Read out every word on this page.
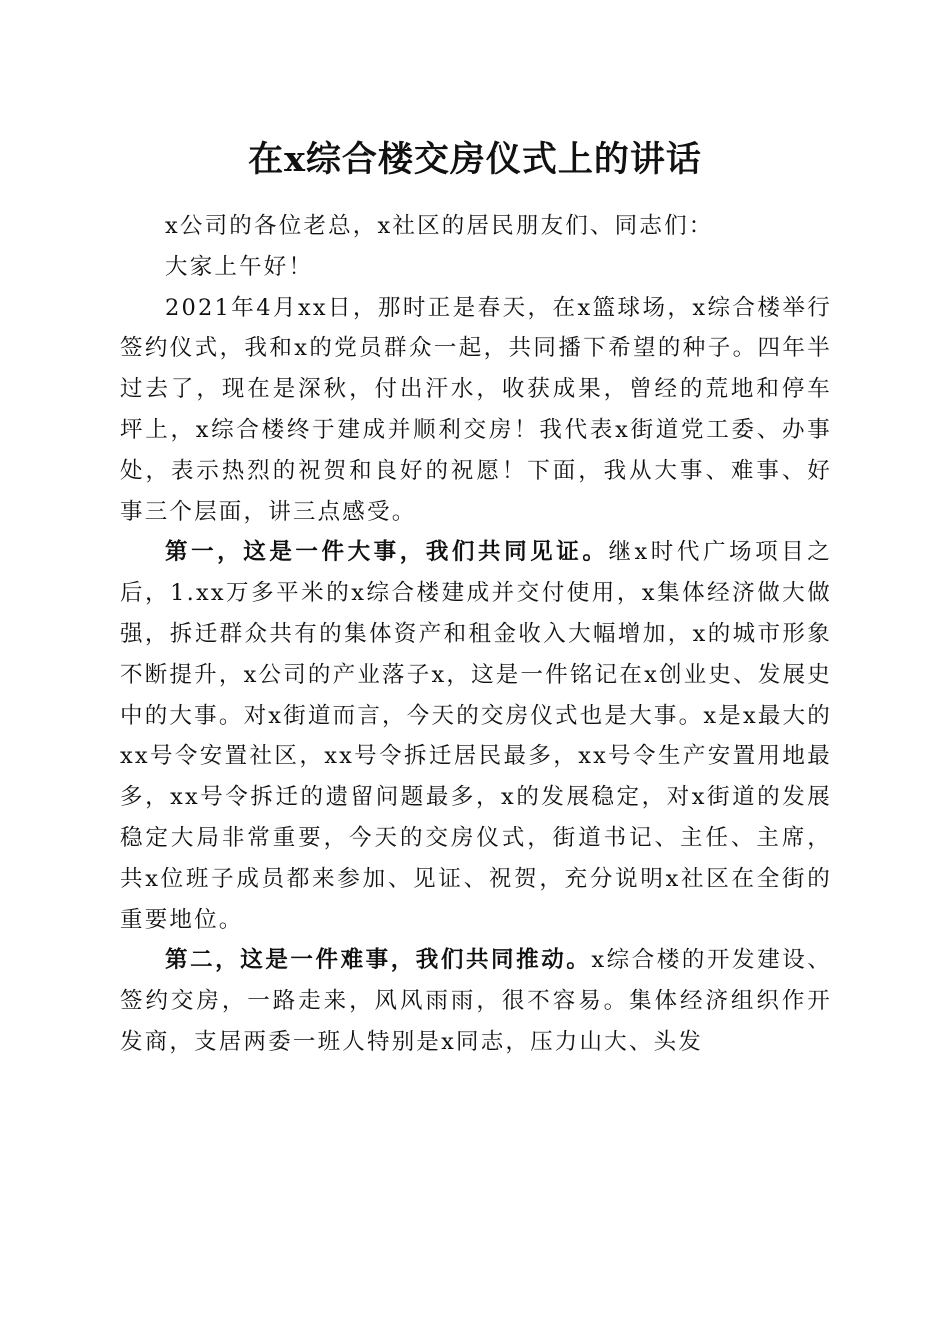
在x综合楼交房仪式上的讲话

x公司的各位老总，x社区的居民朋友们、同志们：

大家上午好！

2021年4月xx日，那时正是春天，在x篮球场，x综合楼举行签约仪式，我和x的党员群众一起，共同播下希望的种子。四年半过去了，现在是深秋，付出汗水，收获成果，曾经的荒地和停车坪上，x综合楼终于建成并顺利交房！我代表x街道党工委、办事处，表示热烈的祝贺和良好的祝愿！下面，我从大事、难事、好事三个层面，讲三点感受。

第一，这是一件大事，我们共同见证。继x时代广场项目之后，1.xx万多平米的x综合楼建成并交付使用，x集体经济做大做强，拆迁群众共有的集体资产和租金收入大幅增加，x的城市形象不断提升，x公司的产业落子x，这是一件铭记在x创业史、发展史中的大事。对x街道而言，今天的交房仪式也是大事。x是x最大的xx号令安置社区，xx号令拆迁居民最多，xx号令生产安置用地最多，xx号令拆迁的遗留问题最多，x的发展稳定，对x街道的发展稳定大局非常重要，今天的交房仪式，街道书记、主任、主席，共x位班子成员都来参加、见证、祝贺，充分说明x社区在全街的重要地位。

第二，这是一件难事，我们共同推动。x综合楼的开发建设、签约交房，一路走来，风风雨雨，很不容易。集体经济组织作开发商，支居两委一班人特别是x同志，压力山大、头发
